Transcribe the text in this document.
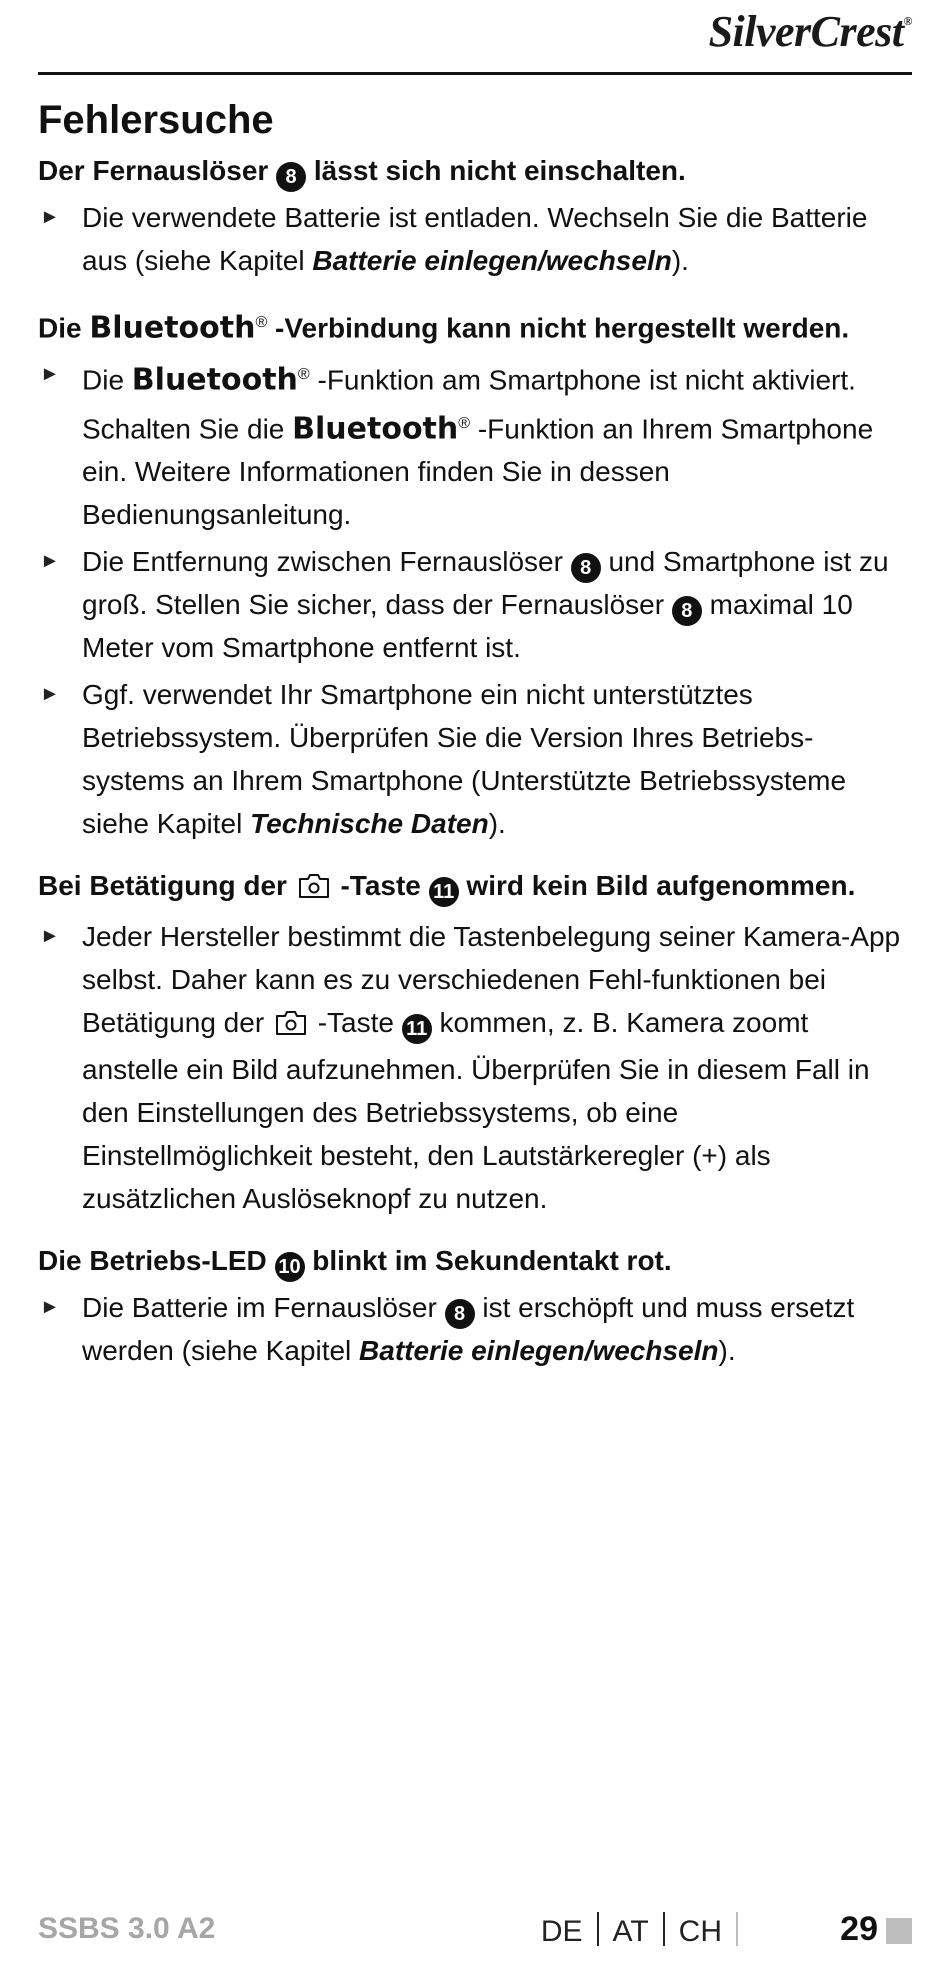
SilverCrest®
Fehlersuche
Der Fernauslöser 8 lässt sich nicht einschalten.
► Die verwendete Batterie ist entladen. Wechseln Sie die Batterie aus (siehe Kapitel Batterie einlegen/wechseln).
Die Bluetooth® -Verbindung kann nicht hergestellt werden.
► Die Bluetooth® -Funktion am Smartphone ist nicht aktiviert. Schalten Sie die Bluetooth® -Funktion an Ihrem Smartphone ein. Weitere Informationen finden Sie in dessen Bedienungsanleitung.
► Die Entfernung zwischen Fernauslöser 8 und Smartphone ist zu groß. Stellen Sie sicher, dass der Fernauslöser 8 maximal 10 Meter vom Smartphone entfernt ist.
► Ggf. verwendet Ihr Smartphone ein nicht unterstütztes Betriebssystem. Überprüfen Sie die Version Ihres Betriebs-systems an Ihrem Smartphone (Unterstützte Betriebssysteme siehe Kapitel Technische Daten).
Bei Betätigung der  -Taste 11 wird kein Bild aufgenommen.
► Jeder Hersteller bestimmt die Tastenbelegung seiner Kamera-App selbst. Daher kann es zu verschiedenen Fehl-funktionen bei Betätigung der  -Taste 11 kommen, z. B. Kamera zoomt anstelle ein Bild aufzunehmen. Überprüfen Sie in diesem Fall in den Einstellungen des Betriebssystems, ob eine Einstellmöglichkeit besteht, den Lautstärkeregler (+) als zusätzlichen Auslöseknopf zu nutzen.
Die Betriebs-LED 10 blinkt im Sekundentakt rot.
► Die Batterie im Fernauslöser 8 ist erschöpft und muss ersetzt werden (siehe Kapitel Batterie einlegen/wechseln).
SSBS 3.0 A2	DE AT CH	29
